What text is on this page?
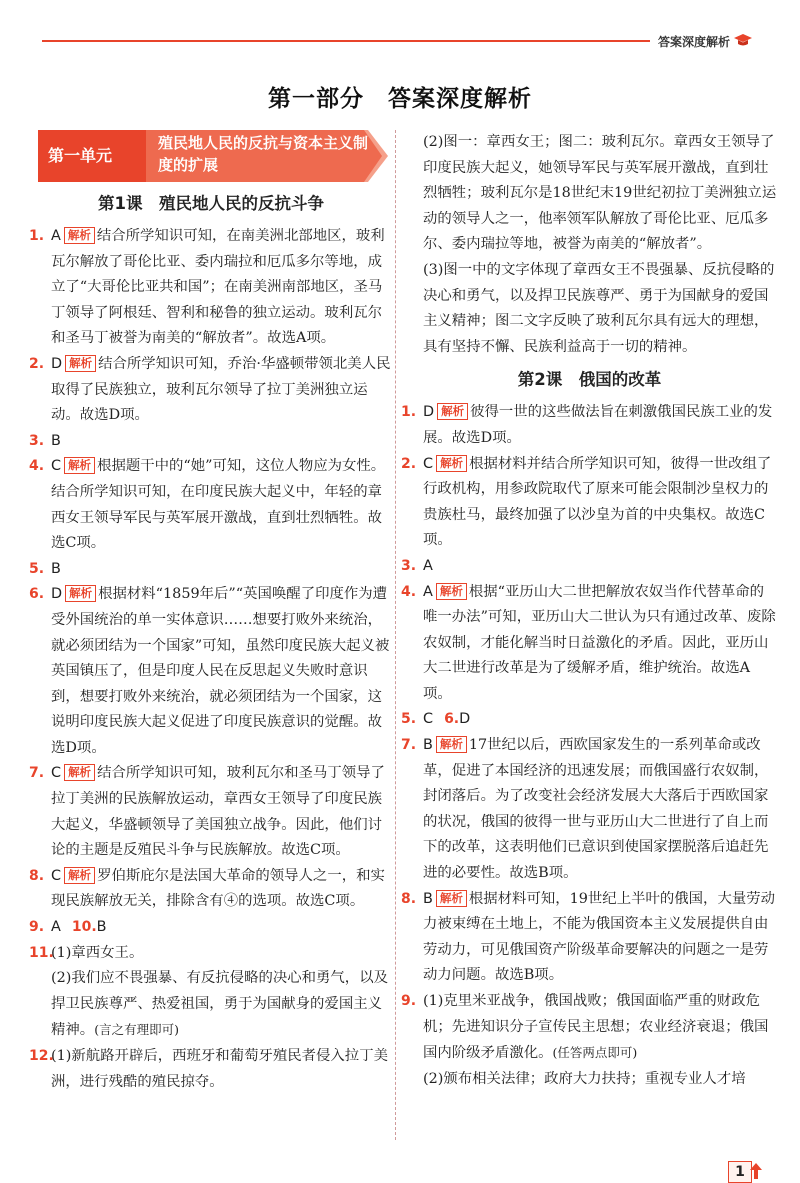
答案深度解析
第一部分　答案深度解析
第一单元
殖民地人民的反抗与资本主义制度的扩展
第1课　殖民地人民的反抗斗争
1. A 解析 结合所学知识可知，在南美洲北部地区，玻利瓦尔解放了哥伦比亚、委内瑞拉和厄瓜多尔等地，成立了“大哥伦比亚共和国”；在南美洲南部地区，圣马丁领导了阿根廷、智利和秘鲁的独立运动。玻利瓦尔和圣马丁被誉为南美的“解放者”。故选A项。
2. D 解析 结合所学知识可知，乔治·华盛顿带领北美人民取得了民族独立，玻利瓦尔领导了拉丁美洲独立运动。故选D项。
3. B
4. C 解析 根据题干中的“她”可知，这位人物应为女性。结合所学知识可知，在印度民族大起义中，年轻的章西女王领导军民与英军展开激战，直到壮烈牺牲。故选C项。
5. B
6. D 解析 根据材料“1859年后”“英国唤醒了印度作为遭受外国统治的单一实体意识……想要打败外来统治，就必须团结为一个国家”可知，虽然印度民族大起义被英国镇压了，但是印度人民在反思起义失败时意识到，想要打败外来统治，就必须团结为一个国家，这说明印度民族大起义促进了印度民族意识的觉醒。故选D项。
7. C 解析 结合所学知识可知，玻利瓦尔和圣马丁领导了拉丁美洲的民族解放运动，章西女王领导了印度民族大起义，华盛顿领导了美国独立战争。因此，他们讨论的主题是反殖民斗争与民族解放。故选C项。
8. C 解析 罗伯斯庇尔是法国大革命的领导人之一，和实现民族解放无关，排除含有④的选项。故选C项。
9. A 10.B
11.
(1)章西女王。
(2)我们应不畏强暴、有反抗侵略的决心和勇气，以及捍卫民族尊严、热爱祖国，勇于为国献身的爱国主义精神。(言之有理即可)
12.
(1)新航路开辟后，西班牙和葡萄牙殖民者侵入拉丁美洲，进行残酷的殖民掠夺。
(2)图一：章西女王；图二：玻利瓦尔。章西女王领导了印度民族大起义，她领导军民与英军展开激战，直到壮烈牺牲；玻利瓦尔是18世纪末19世纪初拉丁美洲独立运动的领导人之一，他率领军队解放了哥伦比亚、厄瓜多尔、委内瑞拉等地，被誉为南美的“解放者”。
(3)图一中的文字体现了章西女王不畏强暴、反抗侵略的决心和勇气，以及捍卫民族尊严、勇于为国献身的爱国主义精神；图二文字反映了玻利瓦尔具有远大的理想，具有坚持不懈、民族利益高于一切的精神。
第2课　俄国的改革
1. D 解析 彼得一世的这些做法旨在刺激俄国民族工业的发展。故选D项。
2. C 解析 根据材料并结合所学知识可知，彼得一世改组了行政机构，用参政院取代了原来可能会限制沙皇权力的贵族杜马，最终加强了以沙皇为首的中央集权。故选C项。
3. A
4. A 解析 根据“亚历山大二世把解放农奴当作代替革命的唯一办法”可知，亚历山大二世认为只有通过改革、废除农奴制，才能化解当时日益激化的矛盾。因此，亚历山大二世进行改革是为了缓解矛盾，维护统治。故选A项。
5. C 6.D
7. B 解析 17世纪以后，西欧国家发生的一系列革命或改革，促进了本国经济的迅速发展；而俄国盛行农奴制，封闭落后。为了改变社会经济发展大大落后于西欧国家的状况，俄国的彼得一世与亚历山大二世进行了自上而下的改革，这表明他们已意识到使国家摆脱落后追赶先进的必要性。故选B项。
8. B 解析 根据材料可知，19世纪上半叶的俄国，大量劳动力被束缚在土地上，不能为俄国资本主义发展提供自由劳动力，可见俄国资产阶级革命要解决的问题之一是劳动力问题。故选B项。
9. (1)克里米亚战争，俄国战败；俄国面临严重的财政危机；先进知识分子宣传民主思想；农业经济衰退；俄国国内阶级矛盾激化。(任答两点即可)
(2)颁布相关法律；政府大力扶持；重视专业人才培
1
